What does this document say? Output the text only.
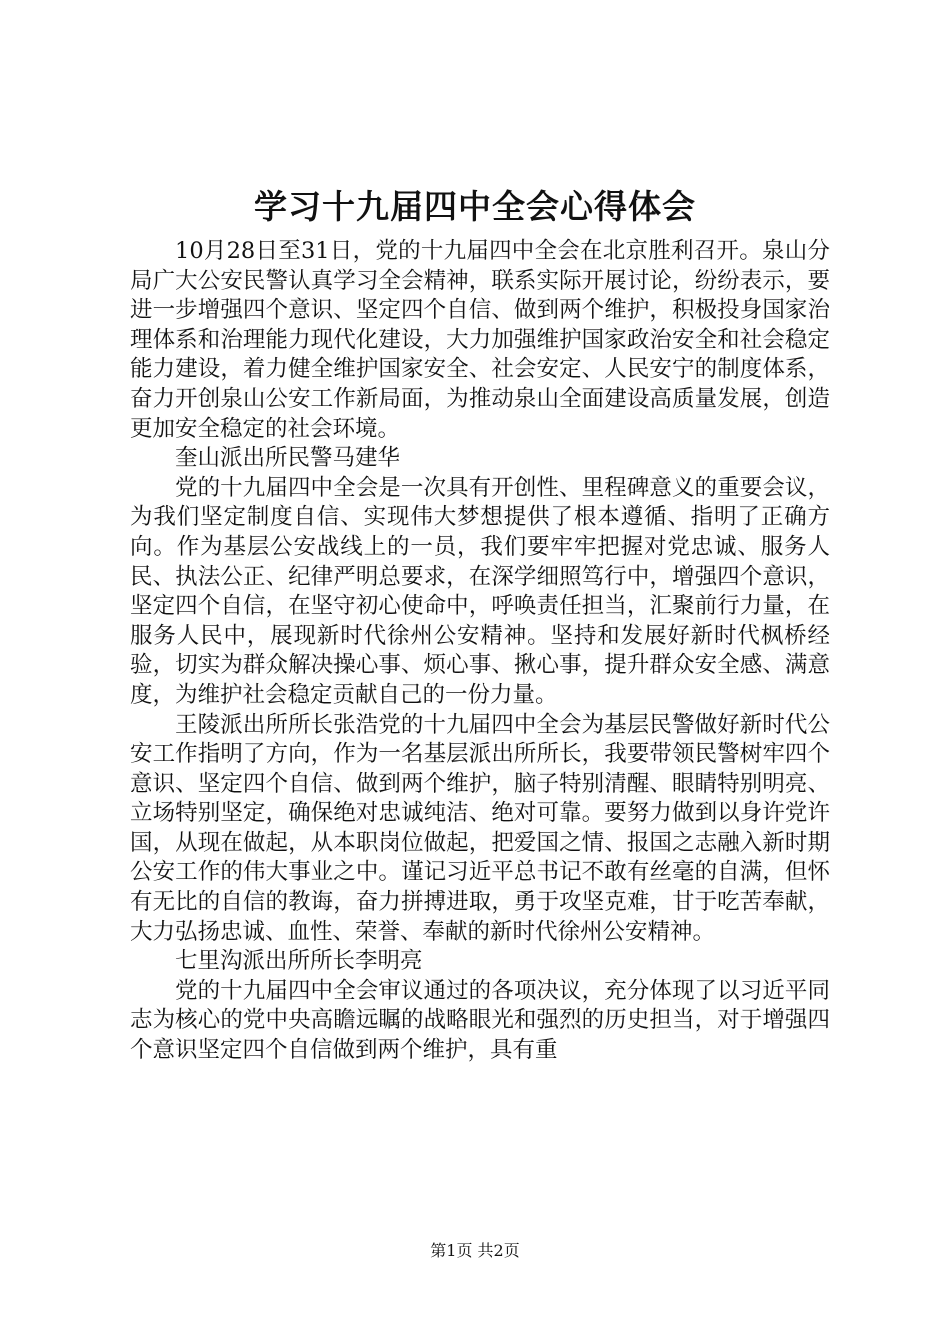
学习十九届四中全会心得体会

10月28日至31日，党的十九届四中全会在北京胜利召开。泉山分局广大公安民警认真学习全会精神，联系实际开展讨论，纷纷表示，要进一步增强四个意识、坚定四个自信、做到两个维护，积极投身国家治理体系和治理能力现代化建设，大力加强维护国家政治安全和社会稳定能力建设，着力健全维护国家安全、社会安定、人民安宁的制度体系，奋力开创泉山公安工作新局面，为推动泉山全面建设高质量发展，创造更加安全稳定的社会环境。

奎山派出所民警马建华

党的十九届四中全会是一次具有开创性、里程碑意义的重要会议，为我们坚定制度自信、实现伟大梦想提供了根本遵循、指明了正确方向。作为基层公安战线上的一员，我们要牢牢把握对党忠诚、服务人民、执法公正、纪律严明总要求，在深学细照笃行中，增强四个意识，坚定四个自信，在坚守初心使命中，呼唤责任担当，汇聚前行力量，在服务人民中，展现新时代徐州公安精神。坚持和发展好新时代枫桥经验，切实为群众解决操心事、烦心事、揪心事，提升群众安全感、满意度，为维护社会稳定贡献自己的一份力量。

王陵派出所所长张浩党的十九届四中全会为基层民警做好新时代公安工作指明了方向，作为一名基层派出所所长，我要带领民警树牢四个意识、坚定四个自信、做到两个维护，脑子特别清醒、眼睛特别明亮、立场特别坚定，确保绝对忠诚纯洁、绝对可靠。要努力做到以身许党许国，从现在做起，从本职岗位做起，把爱国之情、报国之志融入新时期公安工作的伟大事业之中。谨记习近平总书记不敢有丝毫的自满，但怀有无比的自信的教诲，奋力拼搏进取，勇于攻坚克难，甘于吃苦奉献，大力弘扬忠诚、血性、荣誉、奉献的新时代徐州公安精神。

七里沟派出所所长李明亮

党的十九届四中全会审议通过的各项决议，充分体现了以习近平同志为核心的党中央高瞻远瞩的战略眼光和强烈的历史担当，对于增强四个意识坚定四个自信做到两个维护，具有重

第1页 共2页
